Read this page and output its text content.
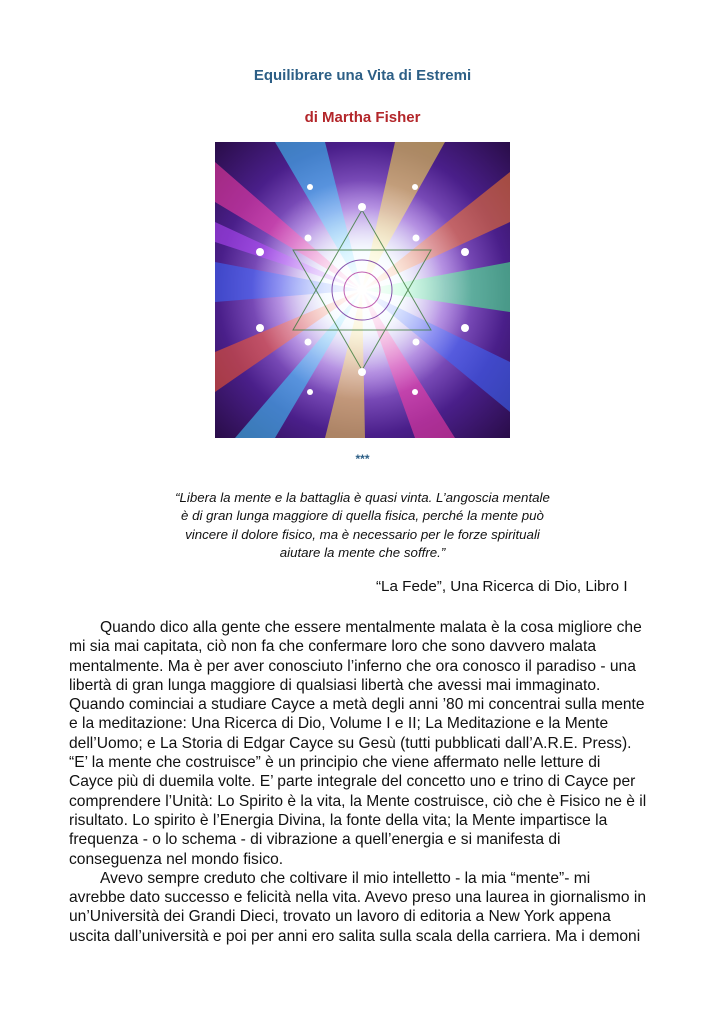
Equilibrare una Vita di Estremi
di Martha Fisher
***
“Libera la mente e la battaglia è quasi vinta. L’angoscia mentale
è di gran lunga maggiore di quella fisica, perché la mente può
vincere il dolore fisico, ma è necessario per le forze spirituali
aiutare la mente che soffre.”
“La Fede”, Una Ricerca di Dio, Libro I

Quando dico alla gente che essere mentalmente malata è la cosa migliore che
mi sia mai capitata, ciò non fa che confermare loro che sono davvero malata
mentalmente. Ma è per aver conosciuto l’inferno che ora conosco il paradiso - una
libertà di gran lunga maggiore di qualsiasi libertà che avessi mai immaginato.
Quando cominciai a studiare Cayce a metà degli anni ’80 mi concentrai sulla mente
e la meditazione: Una Ricerca di Dio, Volume I e II; La Meditazione e la Mente
dell’Uomo; e La Storia di Edgar Cayce su Gesù (tutti pubblicati dall’A.R.E. Press).
“E’ la mente che costruisce” è un principio che viene affermato nelle letture di
Cayce più di duemila volte. E’ parte integrale del concetto uno e trino di Cayce per
comprendere l’Unità: Lo Spirito è la vita, la Mente costruisce, ciò che è Fisico ne è il
risultato. Lo spirito è l’Energia Divina, la fonte della vita; la Mente impartisce la
frequenza - o lo schema - di vibrazione a quell’energia e si manifesta di
conseguenza nel mondo fisico.

Avevo sempre creduto che coltivare il mio intelletto - la mia “mente”- mi
avrebbe dato successo e felicità nella vita. Avevo preso una laurea in giornalismo in
un’Università dei Grandi Dieci, trovato un lavoro di editoria a New York appena
uscita dall’università e poi per anni ero salita sulla scala della carriera. Ma i demoni
